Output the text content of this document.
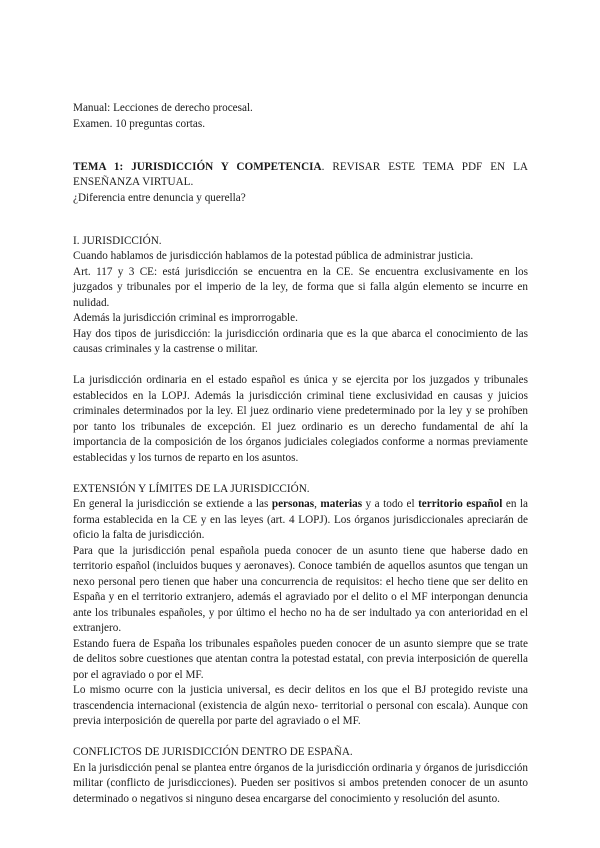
Manual: Lecciones de derecho procesal.

Examen. 10 preguntas cortas.

TEMA 1: JURISDICCIÓN Y COMPETENCIA. REVISAR ESTE TEMA PDF EN LA ENSEÑANZA VIRTUAL.

¿Diferencia entre denuncia y querella?

I. JURISDICCIÓN.

Cuando hablamos de jurisdicción hablamos de la potestad pública de administrar justicia.

Art. 117 y 3 CE: está jurisdicción se encuentra en la CE. Se encuentra exclusivamente en los juzgados y tribunales por el imperio de la ley, de forma que si falla algún elemento se incurre en nulidad.

Además la jurisdicción criminal es improrrogable.

Hay dos tipos de jurisdicción: la jurisdicción ordinaria que es la que abarca el conocimiento de las causas criminales y la castrense o militar.

La jurisdicción ordinaria en el estado español es única y se ejercita por los juzgados y tribunales establecidos en la LOPJ. Además la jurisdicción criminal tiene exclusividad en causas y juicios criminales determinados por la ley. El juez ordinario viene predeterminado por la ley y se prohíben por tanto los tribunales de excepción. El juez ordinario es un derecho fundamental de ahí la importancia de la composición de los órganos judiciales colegiados conforme a normas previamente establecidas y los turnos de reparto en los asuntos.

EXTENSIÓN Y LÍMITES DE LA JURISDICCIÓN.

En general la jurisdicción se extiende a las personas, materias y a todo el territorio español en la forma establecida en la CE y en las leyes (art. 4 LOPJ). Los órganos jurisdiccionales apreciarán de oficio la falta de jurisdicción.

Para que la jurisdicción penal española pueda conocer de un asunto tiene que haberse dado en territorio español (incluidos buques y aeronaves). Conoce también de aquellos asuntos que tengan un nexo personal pero tienen que haber una concurrencia de requisitos: el hecho tiene que ser delito en España y en el territorio extranjero, además el agraviado por el delito o el MF interpongan denuncia ante los tribunales españoles, y por último el hecho no ha de ser indultado ya con anterioridad en el extranjero.

Estando fuera de España los tribunales españoles pueden conocer de un asunto siempre que se trate de delitos sobre cuestiones que atentan contra la potestad estatal, con previa interposición de querella por el agraviado o por el MF.

Lo mismo ocurre con la justicia universal, es decir delitos en los que el BJ protegido reviste una trascendencia internacional (existencia de algún nexo- territorial o personal con escala). Aunque con previa interposición de querella por parte del agraviado o el MF.

CONFLICTOS DE JURISDICCIÓN DENTRO DE ESPAÑA.

En la jurisdicción penal se plantea entre órganos de la jurisdicción ordinaria y órganos de jurisdicción militar (conflicto de jurisdicciones). Pueden ser positivos si ambos pretenden conocer de un asunto determinado o negativos si ninguno desea encargarse del conocimiento y resolución del asunto.
